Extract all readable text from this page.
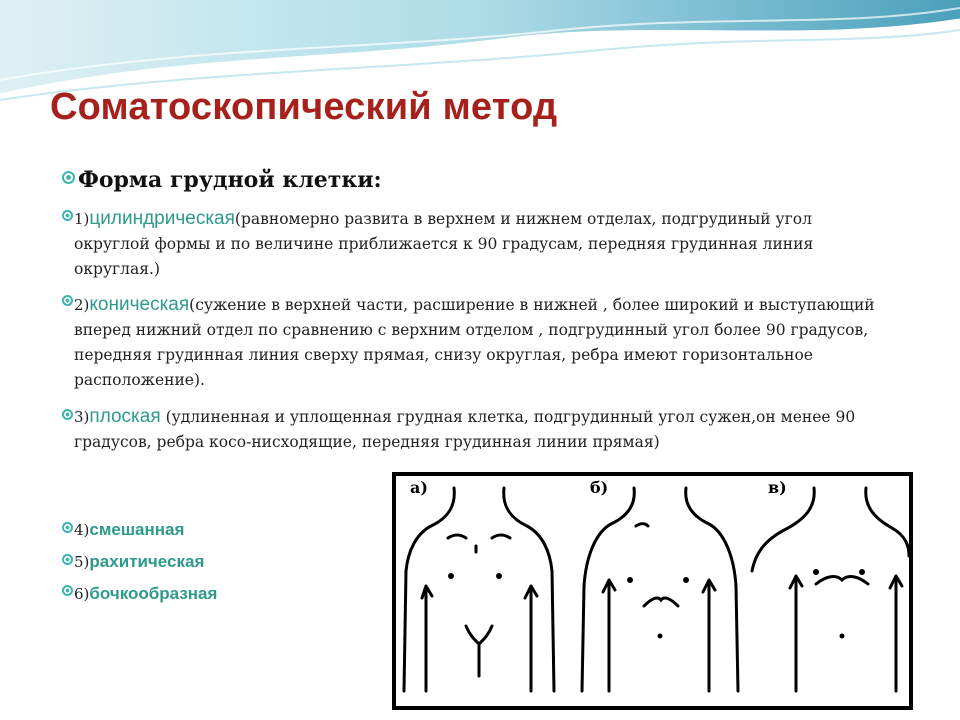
Соматоскопический метод
Форма грудной клетки:
1)цилиндрическая(равномерно развита в верхнем и нижнем отделах, подгрудиный угол округлой формы и по величине приближается к 90 градусам, передняя грудинная линия округлая.)
2)коническая(сужение в верхней части, расширение в нижней , более широкий и выступающий вперед нижний отдел по сравнению с верхним отделом , подгрудинный угол более 90 градусов, передняя грудинная линия сверху прямая, снизу округлая, ребра имеют горизонтальное расположение).
3)плоская (удлиненная и уплощенная грудная клетка, подгрудинный угол сужен,он менее 90 градусов, ребра косо-нисходящие, передняя грудинная линии прямая)
4)смешанная
5)рахитическая
6)бочкообразная
а)	б)	в)
